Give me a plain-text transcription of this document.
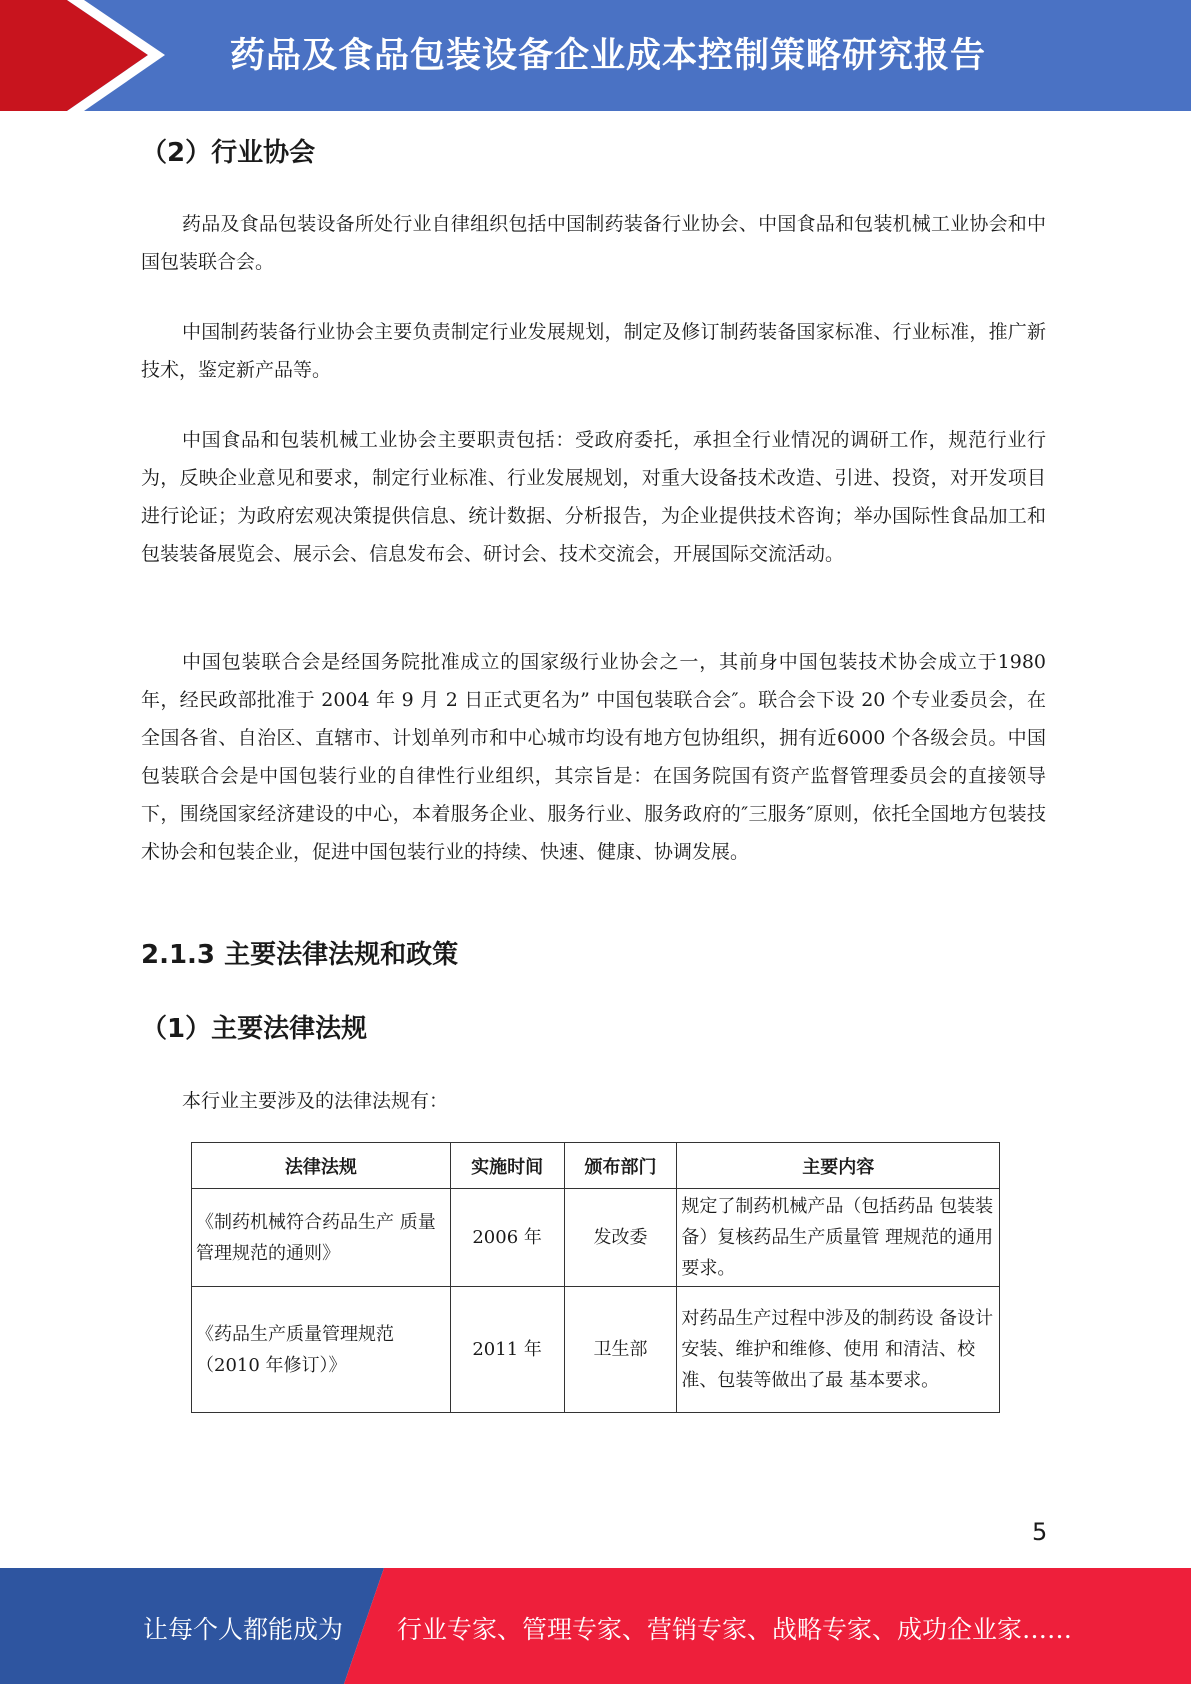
药品及食品包装设备企业成本控制策略研究报告
（2）行业协会

药品及食品包装设备所处行业自律组织包括中国制药装备行业协会、中国食品和包装机械工业协会和中国包装联合会。

中国制药装备行业协会主要负责制定行业发展规划，制定及修订制药装备国家标准、行业标准，推广新技术，鉴定新产品等。

中国食品和包装机械工业协会主要职责包括：受政府委托，承担全行业情况的调研工作，规范行业行为，反映企业意见和要求，制定行业标准、行业发展规划，对重大设备技术改造、引进、投资，对开发项目进行论证；为政府宏观决策提供信息、统计数据、分析报告，为企业提供技术咨询；举办国际性食品加工和包装装备展览会、展示会、信息发布会、研讨会、技术交流会，开展国际交流活动。

中国包装联合会是经国务院批准成立的国家级行业协会之一，其前身中国包装技术协会成立于1980 年，经民政部批准于 2004 年 9 月 2 日正式更名为” 中国包装联合会″。联合会下设 20 个专业委员会，在全国各省、自治区、直辖市、计划单列市和中心城市均设有地方包协组织，拥有近6000 个各级会员。中国包装联合会是中国包装行业的自律性行业组织，其宗旨是：在国务院国有资产监督管理委员会的直接领导下，围绕国家经济建设的中心，本着服务企业、服务行业、服务政府的″三服务″原则，依托全国地方包装技术协会和包装企业，促进中国包装行业的持续、快速、健康、协调发展。

2.1.3 主要法律法规和政策
（1）主要法律法规

本行业主要涉及的法律法规有：

法律法规	实施时间	颁布部门	主要内容
《制药机械符合药品生产 质量管理规范的通则》	2006 年	发改委	规定了制药机械产品（包括药品 包装装备）复核药品生产质量管 理规范的通用要求。
《药品生产质量管理规范（2010 年修订）》	2011 年	卫生部	对药品生产过程中涉及的制药设 备设计安装、维护和维修、使用 和清洁、校准、包装等做出了最 基本要求。
5
让每个人都能成为 行业专家、管理专家、营销专家、战略专家、成功企业家……
